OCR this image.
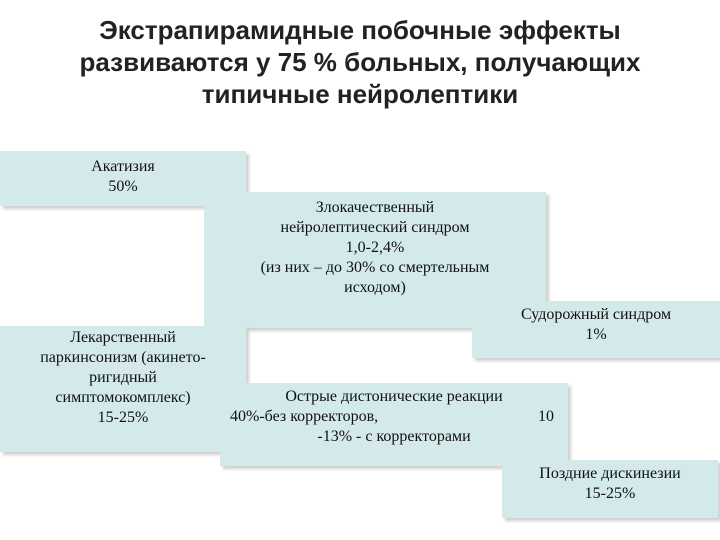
Экстрапирамидные побочные эффекты
развиваются у 75 % больных, получающих
типичные нейролептики
Акатизия
50%
Злокачественный
нейролептический синдром
1,0-2,4%
(из них – до 30% со смертельным
исходом)
Судорожный синдром
1%
Лекарственный
паркинсонизм (акинето-
ригидный
симптомокомплекс)
15-25%
Острые дистонические реакции
40%-без корректоров,	10
-13% - с корректорами
Поздние дискинезии
15-25%
